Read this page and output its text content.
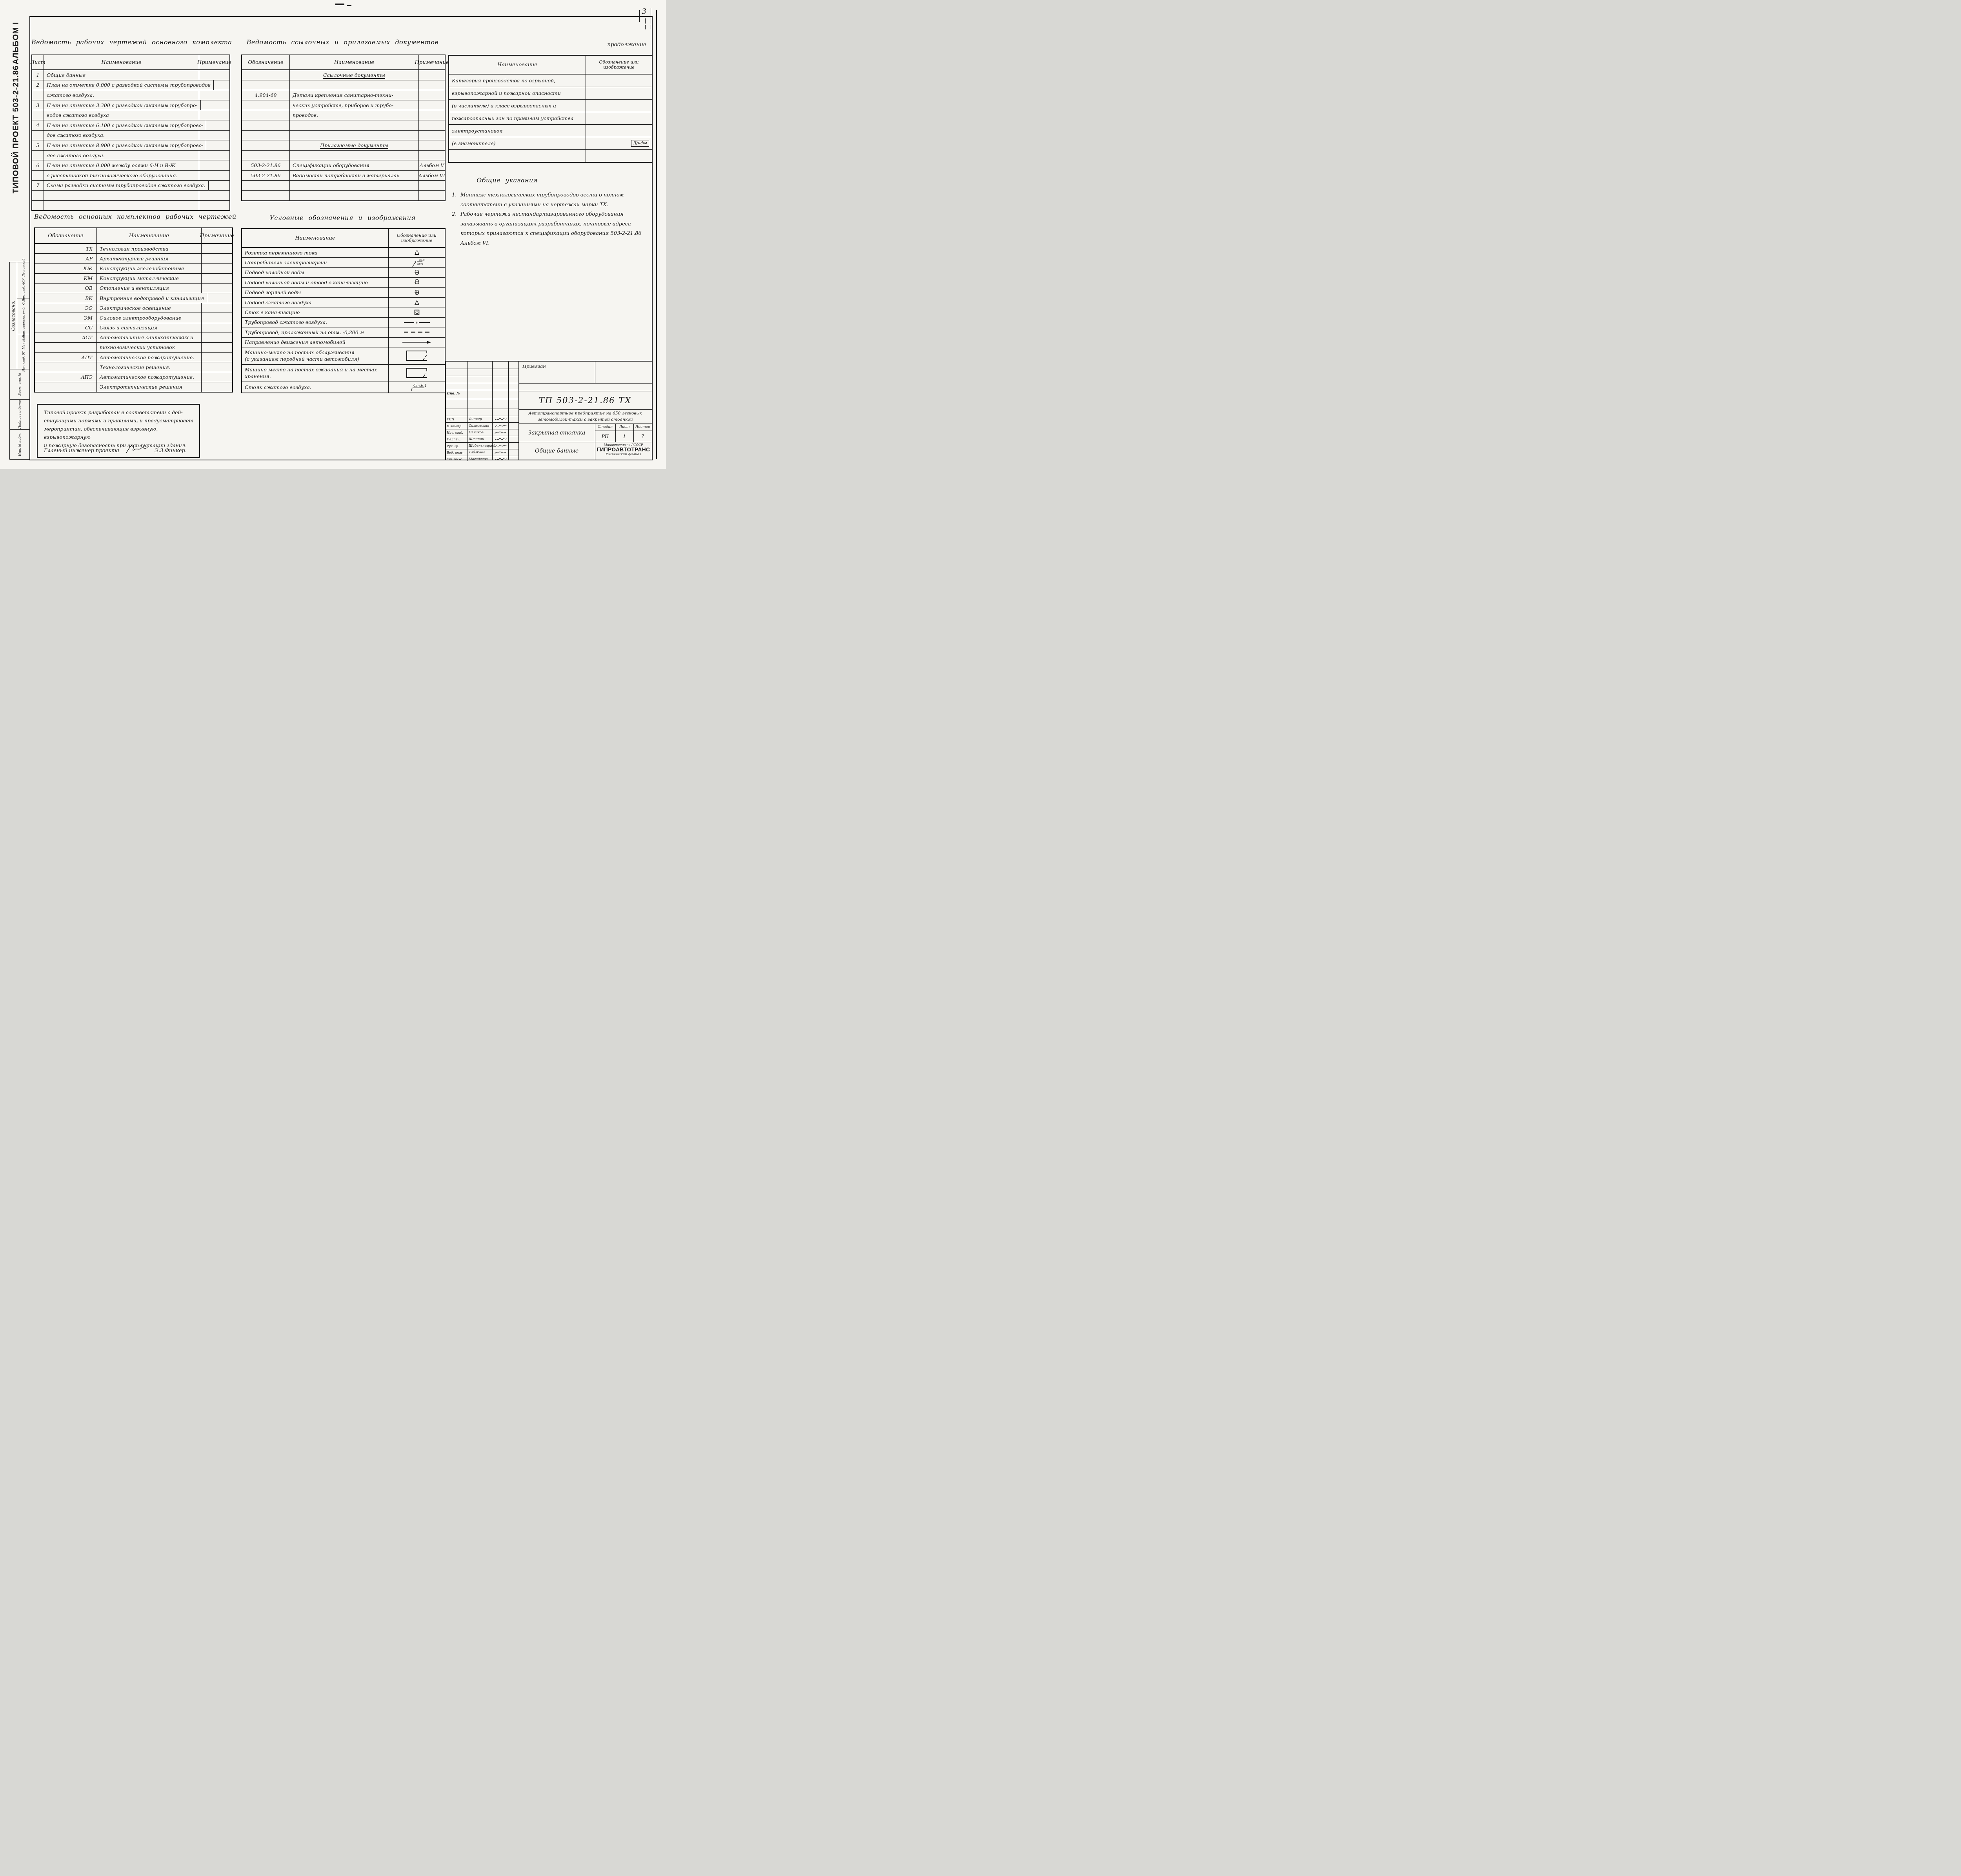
3
АЛЬБОМ I
ТИПОВОЙ ПРОЕКТ 503-2-21.86
Согласовано:
Нач. отд. АСУ  Лещинский
Нач. сантехн. отд.  Сомко
Нач. отд. ЭТ  Мануйлова
Взам. инв. №
Подпись и дата
Инв. № подл.
Ведомость рабочих чертежей основного комплекта
Лист	Наименование	Примечание
1	Общие данные
2	План на отметке 0.000 с разводкой системы трубопроводов
сжатого воздуха.
3	План на отметке 3.300 с разводкой системы трубопро-
водов сжатого воздуха
4	План на отметке 6.100 с разводкой системы трубопрово-
дов сжатого воздуха.
5	План на отметке 8.900 с разводкой системы трубопрово-
дов сжатого воздуха.
6	План на отметке 0.000 между осями 6-И и В-Ж
с расстановкой технологического оборудования.
7	Схема разводки системы трубопроводов сжатого воздуха.
Ведомость ссылочных и прилагаемых документов
Обозначение	Наименование	Примечание
Ссылочные документы
4.904-69	Детали крепления санитарно-техни-
ческих устройств, приборов и трубо-
проводов.
Прилагаемые документы
503-2-21.86	Спецификации оборудования	Альбом V
503-2-21.86	Ведомости потребности в материалах	Альбом VI
продолжение
Наименование	Обозначение или изображение
Категория производства по взрывной,
взрывопожарной и пожарной опасности
(в числителе) и класс взрывоопасных и
пожароопасных зон по правилам устройства
электроустановок
(в знаменателе)	Д/нфм
Общие указания
1. Монтаж технологических трубопроводов вести в полном
соответствии с указаниями на чертежах марки ТХ.
2. Рабочие чертежи нестандартизированного оборудования
заказывать в организациях разработчиках, почтовые адреса
которых прилагаются к спецификации оборудования 503-2-21.86
Альбом VI.
Ведомость основных комплектов рабочих чертежей
Обозначение	Наименование	Примечание
ТХ	Технология производства
АР	Архитектурные решения
КЖ	Конструкции железобетонные
КМ	Конструкции металлические
ОВ	Отопление и вентиляция
ВК	Внутренние водопровод и канализация
ЭО	Электрическое освещение
ЭМ	Силовое электрооборудование
СС	Связь и сигнализация
АСТ	Автоматизация сантехнических и
технологических установок
АПТ	Автоматическое пожаротушение.
Технологические решения.
АПЭ	Автоматическое пожаротушение.
Электротехнические решения
Условные обозначения и изображения
Наименование	Обозначение или изображение
Розетка переменного тока
Потребитель электроэнергии	т.м.
кВт
Подвод холодной воды
Подвод холодной воды и отвод в канализацию
Подвод горячей воды
Подвод сжатого воздуха
Сток в канализацию
Трубопровод сжатого воздуха.	в
Трубопровод, проложенный на отм. -0,200 м
Направление движения автомобилей
Машино-место на постах обслуживания
(с указанием передней части автомобиля)
Машино-место на постах ожидания и на местах
хранения.
Стояк сжатого воздуха.	Ст.6.1
Типовой проект разработан в соответствии с дей-
ствующими нормами и правилами, и предусматривает
мероприятия, обеспечивающие взрывную, взрывопожарную
и пожарную безопасность при эксплуатации здания.
Главный инженер проекта	Э.З.Финкер.
Инв. №
ГИП	Финкер
Н.контр	Сахновская
Нач. отд.	Ненахов
Гл.спец.	Штепин
Рук. гр.	Шабельницкий
Вед. инж.	Табакова
Ст. инж.	Магадеева
Привязан
ТП 503-2-21.86 ТХ
Автотранспортное предприятие на 650 легковых
автомобилей-такси с закрытой стоянкой
Закрытая стоянка
Стадия	Лист	Листов
РП	1	7
Общие данные
Минавтотранс РСФСР
ГИПРОАВТОТРАНС
Ростовский филиал
